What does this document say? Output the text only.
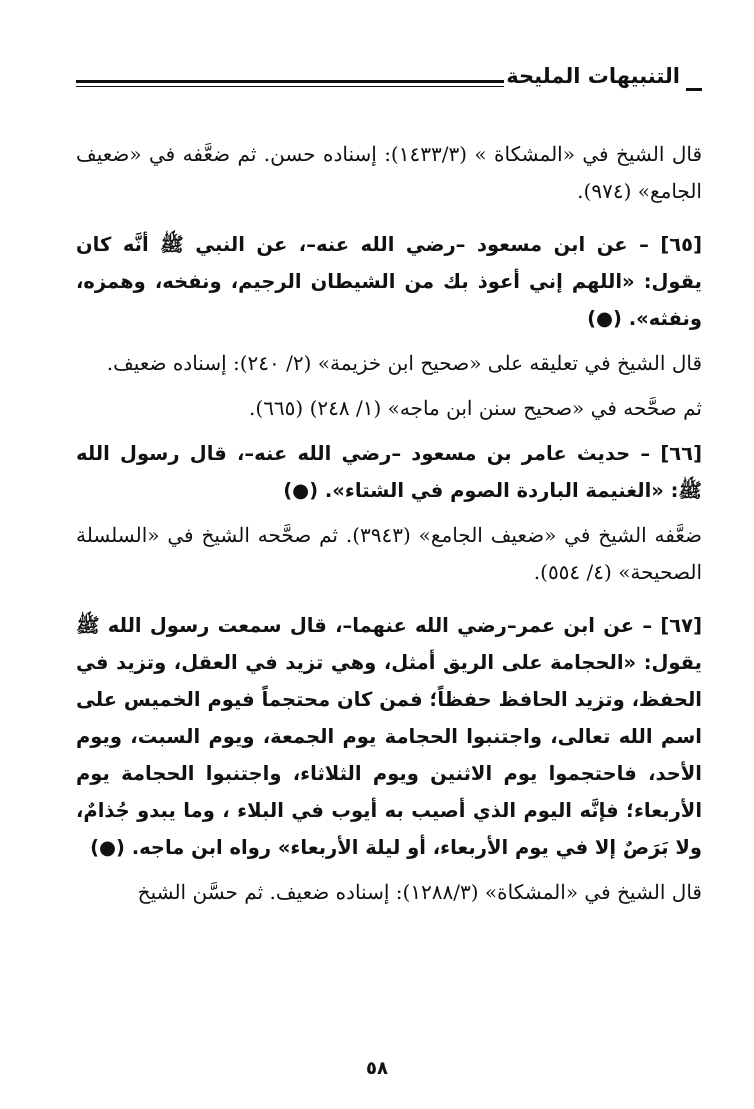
التنبيهات المليحة

قال الشيخ في «المشكاة » (١٤٣٣/٣): إسناده حسن. ثم ضعَّفه في «ضعيف الجامع» (٩٧٤).

[٦٥] – عن ابن مسعود –رضي الله عنه–، عن النبي ﷺ أنَّه كان يقول: «اللهم إني أعوذ بك من الشيطان الرجيم، ونفخه، وهمزه، ونفثه». (●)

قال الشيخ في تعليقه على «صحيح ابن خزيمة» (٢/ ٢٤٠): إسناده ضعيف.

ثم صحَّحه في «صحيح سنن ابن ماجه» (١/ ٢٤٨) (٦٦٥).

[٦٦] – حديث عامر بن مسعود –رضي الله عنه–، قال رسول الله ﷺ: «الغنيمة الباردة الصوم في الشتاء». (●)

ضعَّفه الشيخ في «ضعيف الجامع» (٣٩٤٣). ثم صحَّحه الشيخ في «السلسلة الصحيحة» (٤/ ٥٥٤).

[٦٧] – عن ابن عمر–رضي الله عنهما–، قال سمعت رسول الله ﷺ يقول: «الحجامة على الريق أمثل، وهي تزيد في العقل، وتزيد في الحفظ، وتزيد الحافظ حفظاً؛ فمن كان محتجماً فيوم الخميس على اسم الله تعالى، واجتنبوا الحجامة يوم الجمعة، ويوم السبت، ويوم الأحد، فاحتجموا يوم الاثنين ويوم الثلاثاء، واجتنبوا الحجامة يوم الأربعاء؛ فإنَّه اليوم الذي أصيب به أيوب في البلاء ، وما يبدو جُذامٌ، ولا بَرَصٌ إلا في يوم الأربعاء، أو ليلة الأربعاء» رواه ابن ماجه. (●)

قال الشيخ في «المشكاة» (١٢٨٨/٣): إسناده ضعيف. ثم حسَّن الشيخ

٥٨
